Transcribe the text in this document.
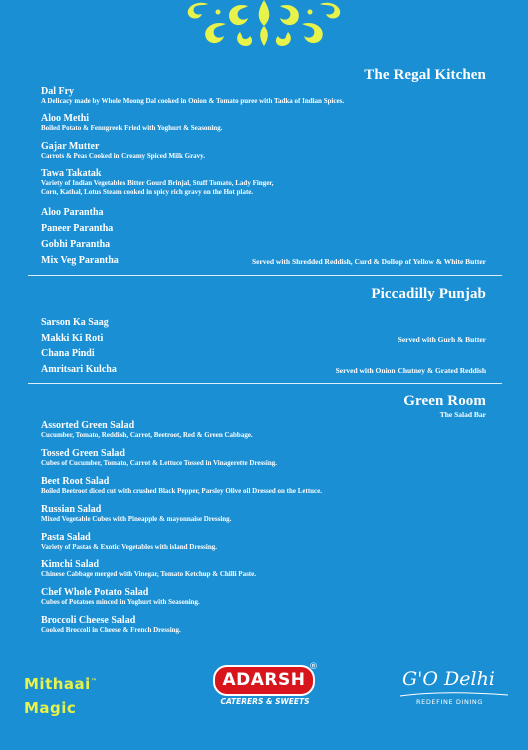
The Regal Kitchen
Dal Fry
A Delicacy made by Whole Moong Dal cooked in Onion & Tomato puree with Tadka of Indian Spices.
Aloo Methi
Boiled Potato & Fenugreek Fried with Yoghurt & Seasoning.
Gajar Mutter
Carrots & Peas Cooked in Creamy Spiced Milk Gravy.
Tawa Takatak
Variety of Indian Vegetables Bitter Gourd Brinjal, Stuff Tomato, Lady Finger,
Corn, Kathal, Lotus Steam cooked in spicy rich gravy on the Hot plate.
Aloo Parantha
Paneer Parantha
Gobhi Parantha
Mix Veg Parantha	Served with Shredded Reddish, Curd & Dollop of Yellow & White Butter
Piccadilly Punjab
Sarson Ka Saag
Makki Ki Roti	Served with Gurh & Butter
Chana Pindi
Amritsari Kulcha	Served with Onion Chutney & Grated Reddish
Green Room
The Salad Bar
Assorted Green Salad
Cucumber, Tomato, Reddish, Carrot, Beetroot, Red & Green Cabbage.
Tossed Green Salad
Cubes of Cucumber, Tomato, Carrot & Lettuce Tossed in Vinagerette Dressing.
Beet Root Salad
Boiled Beetroot diced cut with crushed Black Pepper, Parsley Olive oil Dressed on the Lettuce.
Russian Salad
Mixed Vegetable Cubes with Pineapple & mayonnaise Dressing.
Pasta Salad
Variety of Pastas & Exotic Vegetables with island Dressing.
Kimchi Salad
Chinese Cabbage merged with Vinegar, Tomato Ketchup & Chilli Paste.
Chef Whole Potato Salad
Cubes of Potatoes minced in Yoghurt with Seasoning.
Broccoli Cheese Salad
Cooked Broccoli in Cheese & French Dressing.
Mithaai™
Magic
ADARSH
®
CATERERS & SWEETS
G'O Delhi
REDEFINE DINING
